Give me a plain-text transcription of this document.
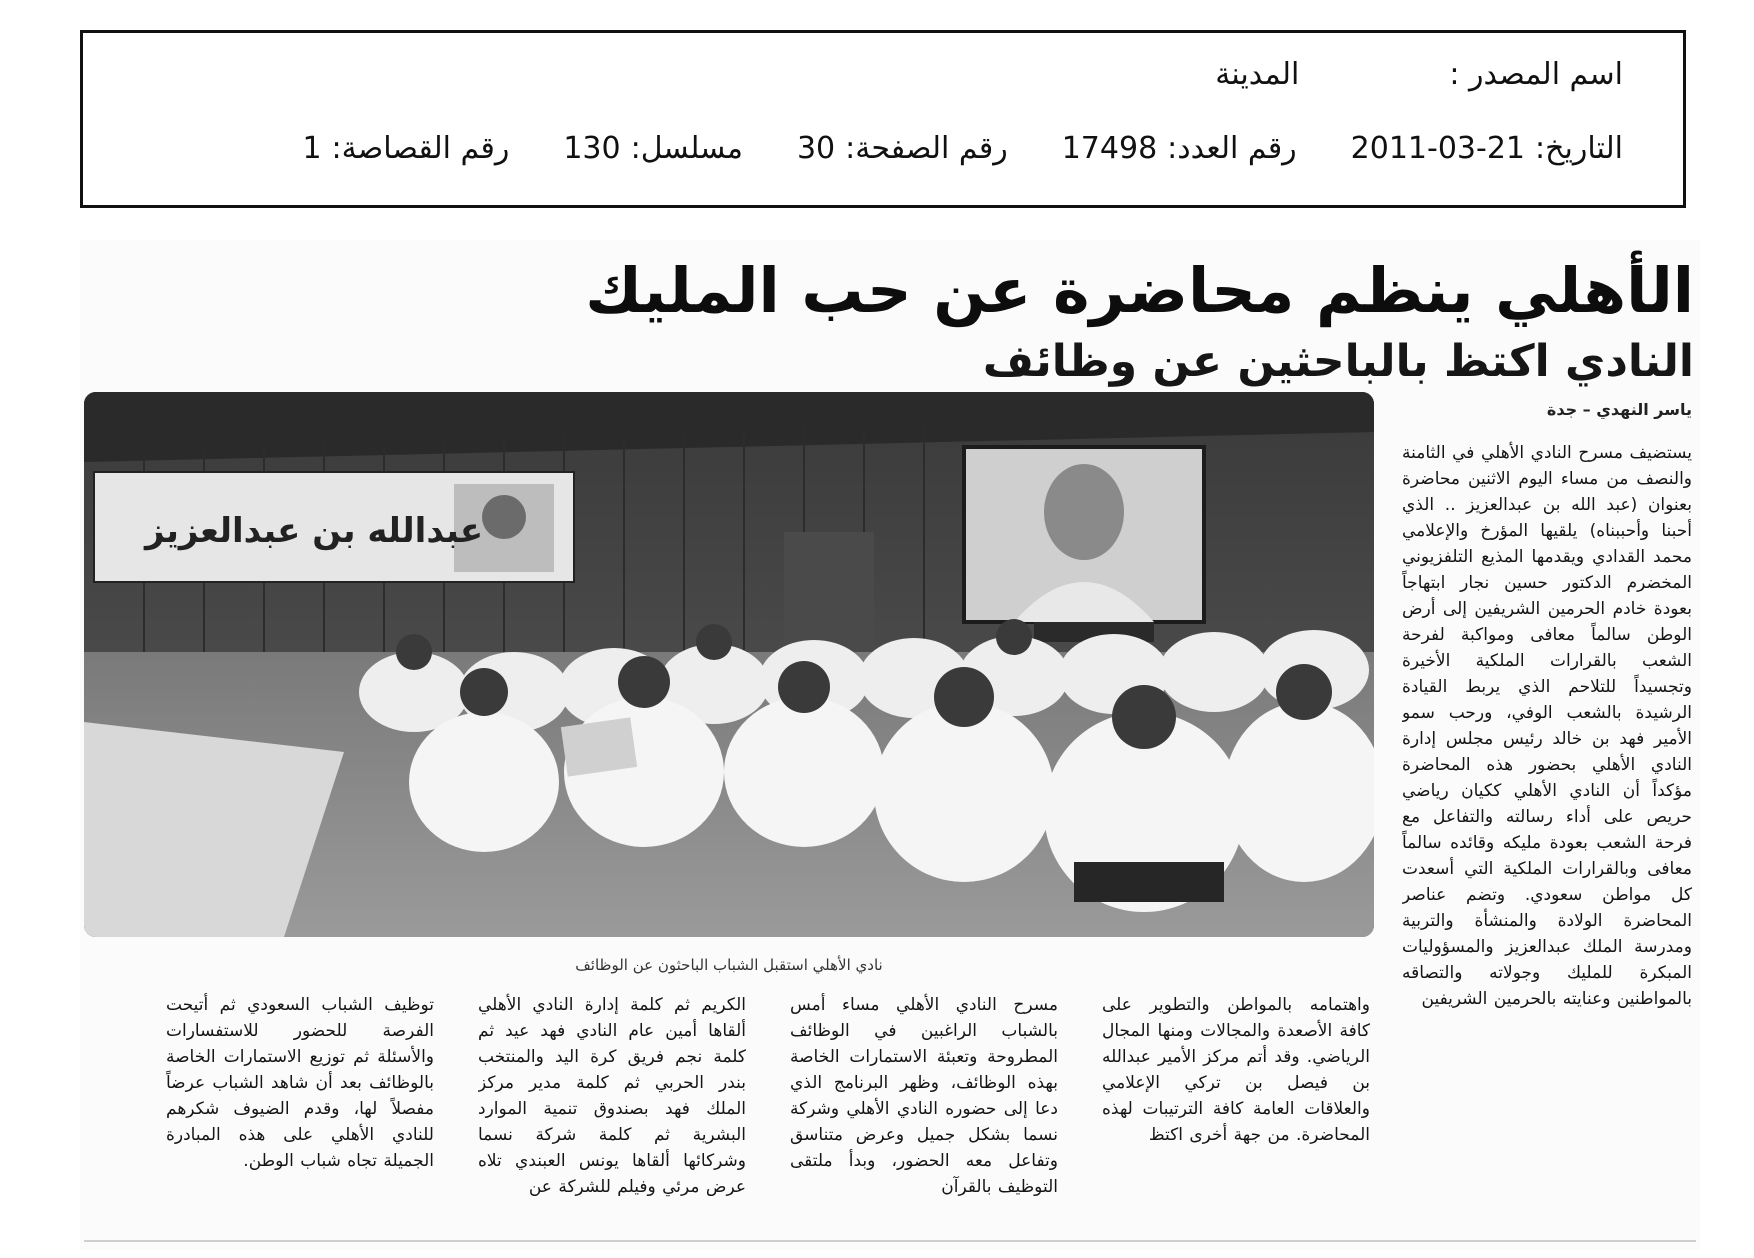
اسم المصدر :
المدينة
التاريخ:
2011-03-21
رقم العدد:
17498
رقم الصفحة:
30
مسلسل:
130
رقم القصاصة:
1
الأهلي ينظم محاضرة عن حب المليك
النادي اكتظ بالباحثين عن وظائف
عبدالله بن عبدالعزيز
نادي الأهلي استقبل الشباب الباحثون عن الوظائف
ياسر النهدي – جدة
يستضيف مسرح النادي الأهلي في الثامنة والنصف من مساء اليوم الاثنين محاضرة بعنوان (عبد الله بن عبدالعزيز .. الذي أحبنا وأحببناه) يلقيها المؤرخ والإعلامي محمد القدادي ويقدمها المذيع التلفزيوني المخضرم الدكتور حسين نجار ابتهاجاً بعودة خادم الحرمين الشريفين إلى أرض الوطن سالماً معافى ومواكبة لفرحة الشعب بالقرارات الملكية الأخيرة وتجسيداً للتلاحم الذي يربط القيادة الرشيدة بالشعب الوفي، ورحب سمو الأمير فهد بن خالد رئيس مجلس إدارة النادي الأهلي بحضور هذه المحاضرة مؤكداً أن النادي الأهلي ككيان رياضي حريص على أداء رسالته والتفاعل مع فرحة الشعب بعودة مليكه وقائده سالماً معافى وبالقرارات الملكية التي أسعدت كل مواطن سعودي. وتضم عناصر المحاضرة الولادة والمنشأة والتربية ومدرسة الملك عبدالعزيز والمسؤوليات المبكرة للمليك وجولاته والتصاقه بالمواطنين وعنايته بالحرمين الشريفين
واهتمامه بالمواطن والتطوير على كافة الأصعدة والمجالات ومنها المجال الرياضي. وقد أتم مركز الأمير عبدالله بن فيصل بن تركي الإعلامي والعلاقات العامة كافة الترتيبات لهذه المحاضرة. من جهة أخرى اكتظ
مسرح النادي الأهلي مساء أمس بالشباب الراغبين في الوظائف المطروحة وتعبئة الاستمارات الخاصة بهذه الوظائف، وظهر البرنامج الذي دعا إلى حضوره النادي الأهلي وشركة نسما بشكل جميل وعرض متناسق وتفاعل معه الحضور، وبدأ ملتقى التوظيف بالقرآن
الكريم ثم كلمة إدارة النادي الأهلي ألقاها أمين عام النادي فهد عيد ثم كلمة نجم فريق كرة اليد والمنتخب بندر الحربي ثم كلمة مدير مركز الملك فهد بصندوق تنمية الموارد البشرية ثم كلمة شركة نسما وشركائها ألقاها يونس العبندي تلاه عرض مرئي وفيلم للشركة عن
توظيف الشباب السعودي ثم أتيحت الفرصة للحضور للاستفسارات والأسئلة ثم توزيع الاستمارات الخاصة بالوظائف بعد أن شاهد الشباب عرضاً مفصلاً لها، وقدم الضيوف شكرهم للنادي الأهلي على هذه المبادرة الجميلة تجاه شباب الوطن.
